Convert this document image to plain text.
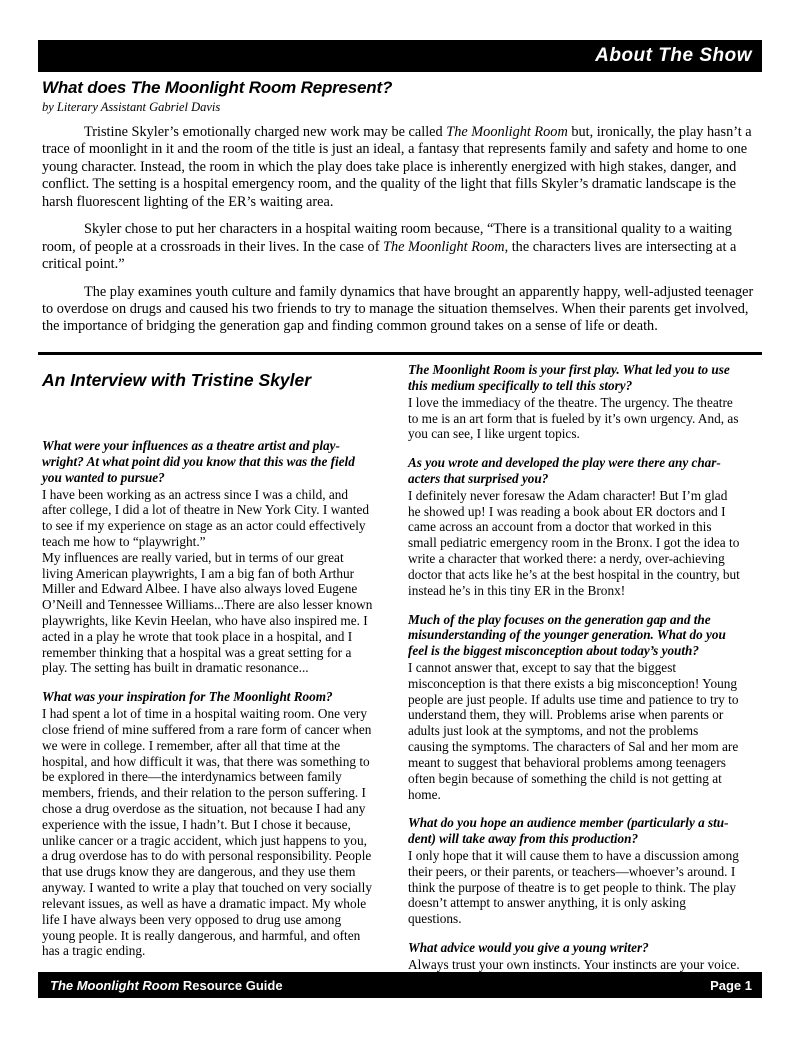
About The Show
What does The Moonlight Room Represent?
by Literary Assistant Gabriel Davis

Tristine Skyler’s emotionally charged new work may be called The Moonlight Room but, ironically, the play hasn’t a trace of moonlight in it and the room of the title is just an ideal, a fantasy that represents family and safety and home to one young character. Instead, the room in which the play does take place is inherently energized with high stakes, danger, and conflict. The setting is a hospital emergency room, and the quality of the light that fills Skyler’s dramatic landscape is the harsh fluorescent lighting of the ER’s waiting area.

Skyler chose to put her characters in a hospital waiting room because, “There is a transitional quality to a waiting room, of people at a crossroads in their lives. In the case of The Moonlight Room, the characters lives are intersecting at a critical point.”

The play examines youth culture and family dynamics that have brought an apparently happy, well-adjusted teenager to overdose on drugs and caused his two friends to try to manage the situation themselves. When their parents get involved, the importance of bridging the generation gap and finding common ground takes on a sense of life or death.

An Interview with Tristine Skyler

What were your influences as a theatre artist and play-wright? At what point did you know that this was the field you wanted to pursue?

I have been working as an actress since I was a child, and after college, I did a lot of theatre in New York City. I wanted to see if my experience on stage as an actor could effectively teach me how to “playwright.”
My influences are really varied, but in terms of our great living American playwrights, I am a big fan of both Arthur Miller and Edward Albee. I have also always loved Eugene O’Neill and Tennessee Williams...There are also lesser known playwrights, like Kevin Heelan, who have also inspired me. I acted in a play he wrote that took place in a hospital, and I remember thinking that a hospital was a great setting for a play. The setting has built in dramatic resonance...

What was your inspiration for The Moonlight Room?

I had spent a lot of time in a hospital waiting room. One very close friend of mine suffered from a rare form of cancer when we were in college. I remember, after all that time at the hospital, and how difficult it was, that there was something to be explored in there—the interdynamics between family members, friends, and their relation to the person suffering. I chose a drug overdose as the situation, not because I had any experience with the issue, I hadn’t. But I chose it because, unlike cancer or a tragic accident, which just happens to you, a drug overdose has to do with personal responsibility. People that use drugs know they are dangerous, and they use them anyway. I wanted to write a play that touched on very socially relevant issues, as well as have a dramatic impact. My whole life I have always been very opposed to drug use among young people. It is really dangerous, and harmful, and often has a tragic ending.

The Moonlight Room is your first play. What led you to use this medium specifically to tell this story?

I love the immediacy of the theatre. The urgency. The theatre to me is an art form that is fueled by it’s own urgency. And, as you can see, I like urgent topics.

As you wrote and developed the play were there any char-acters that surprised you?

I definitely never foresaw the Adam character! But I’m glad he showed up! I was reading a book about ER doctors and I came across an account from a doctor that worked in this small pediatric emergency room in the Bronx. I got the idea to write a character that worked there: a nerdy, over-achieving doctor that acts like he’s at the best hospital in the country, but instead he’s in this tiny ER in the Bronx!

Much of the play focuses on the generation gap and the misunderstanding of the younger generation. What do you feel is the biggest misconception about today’s youth?

I cannot answer that, except to say that the biggest misconception is that there exists a big misconception! Young people are just people. If adults use time and patience to try to understand them, they will. Problems arise when parents or adults just look at the symptoms, and not the problems causing the symptoms. The characters of Sal and her mom are meant to suggest that behavioral problems among teenagers often begin because of something the child is not getting at home.

What do you hope an audience member (particularly a stu-dent) will take away from this production?

I only hope that it will cause them to have a discussion among their peers, or their parents, or teachers—whoever’s around. I think the purpose of theatre is to get people to think. The play doesn’t attempt to answer anything, it is only asking questions.

What advice would you give a young writer?

Always trust your own instincts. Your instincts are your voice.

The Moonlight Room Resource Guide	Page 1
